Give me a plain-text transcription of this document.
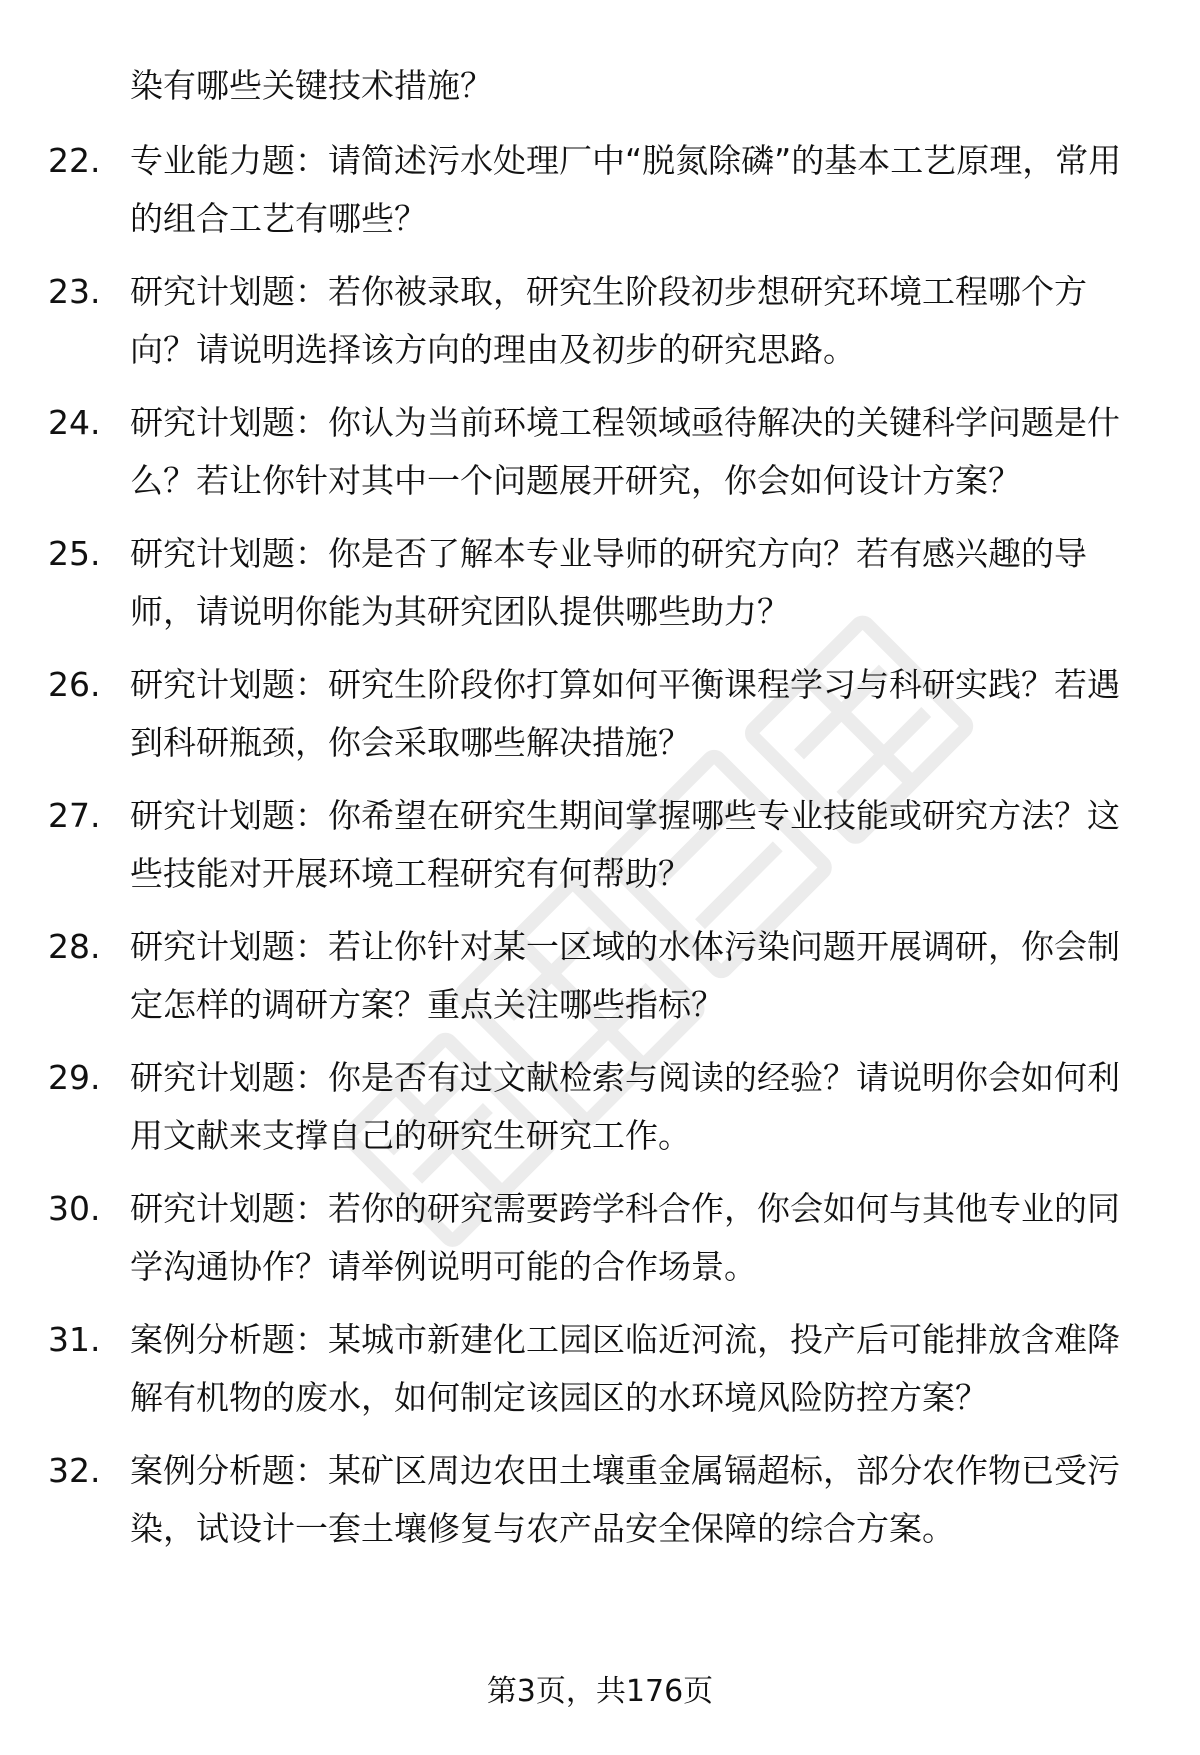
染有哪些关键技术措施？

22. 专业能力题：请简述污水处理厂中“脱氮除磷”的基本工艺原理，常用的组合工艺有哪些？
23. 研究计划题：若你被录取，研究生阶段初步想研究环境工程哪个方向？请说明选择该方向的理由及初步的研究思路。
24. 研究计划题：你认为当前环境工程领域亟待解决的关键科学问题是什么？若让你针对其中一个问题展开研究，你会如何设计方案？
25. 研究计划题：你是否了解本专业导师的研究方向？若有感兴趣的导师，请说明你能为其研究团队提供哪些助力？
26. 研究计划题：研究生阶段你打算如何平衡课程学习与科研实践？若遇到科研瓶颈，你会采取哪些解决措施？
27. 研究计划题：你希望在研究生期间掌握哪些专业技能或研究方法？这些技能对开展环境工程研究有何帮助？
28. 研究计划题：若让你针对某一区域的水体污染问题开展调研，你会制定怎样的调研方案？重点关注哪些指标？
29. 研究计划题：你是否有过文献检索与阅读的经验？请说明你会如何利用文献来支撑自己的研究生研究工作。
30. 研究计划题：若你的研究需要跨学科合作，你会如何与其他专业的同学沟通协作？请举例说明可能的合作场景。
31. 案例分析题：某城市新建化工园区临近河流，投产后可能排放含难降解有机物的废水，如何制定该园区的水环境风险防控方案？
32. 案例分析题：某矿区周边农田土壤重金属镉超标，部分农作物已受污染，试设计一套土壤修复与农产品安全保障的综合方案。
第3页，共176页
